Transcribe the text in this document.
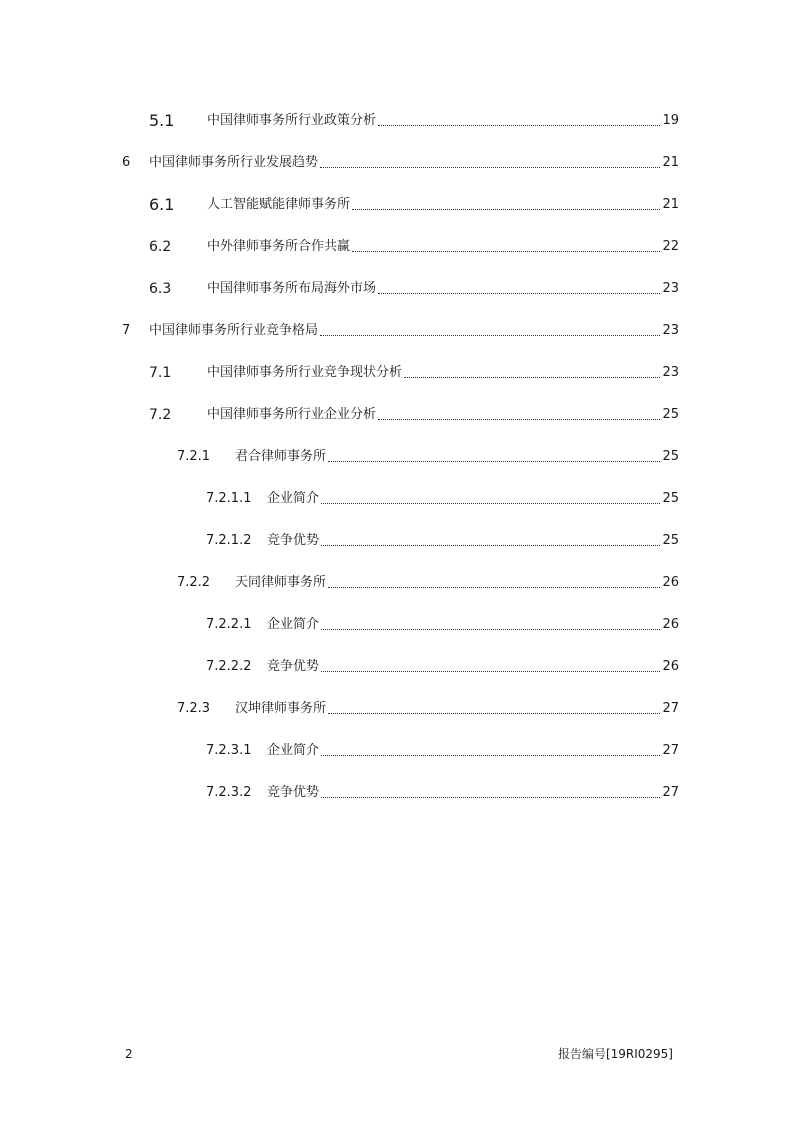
5.1	中国律师事务所行业政策分析	19
6	中国律师事务所行业发展趋势	21
6.1	人工智能赋能律师事务所	21
6.2	中外律师事务所合作共赢	22
6.3	中国律师事务所布局海外市场	23
7	中国律师事务所行业竞争格局	23
7.1	中国律师事务所行业竞争现状分析	23
7.2	中国律师事务所行业企业分析	25
7.2.1	君合律师事务所	25
7.2.1.1	企业简介	25
7.2.1.2	竞争优势	25
7.2.2	天同律师事务所	26
7.2.2.1	企业简介	26
7.2.2.2	竞争优势	26
7.2.3	汉坤律师事务所	27
7.2.3.1	企业简介	27
7.2.3.2	竞争优势	27
2	报告编号[19RI0295]
